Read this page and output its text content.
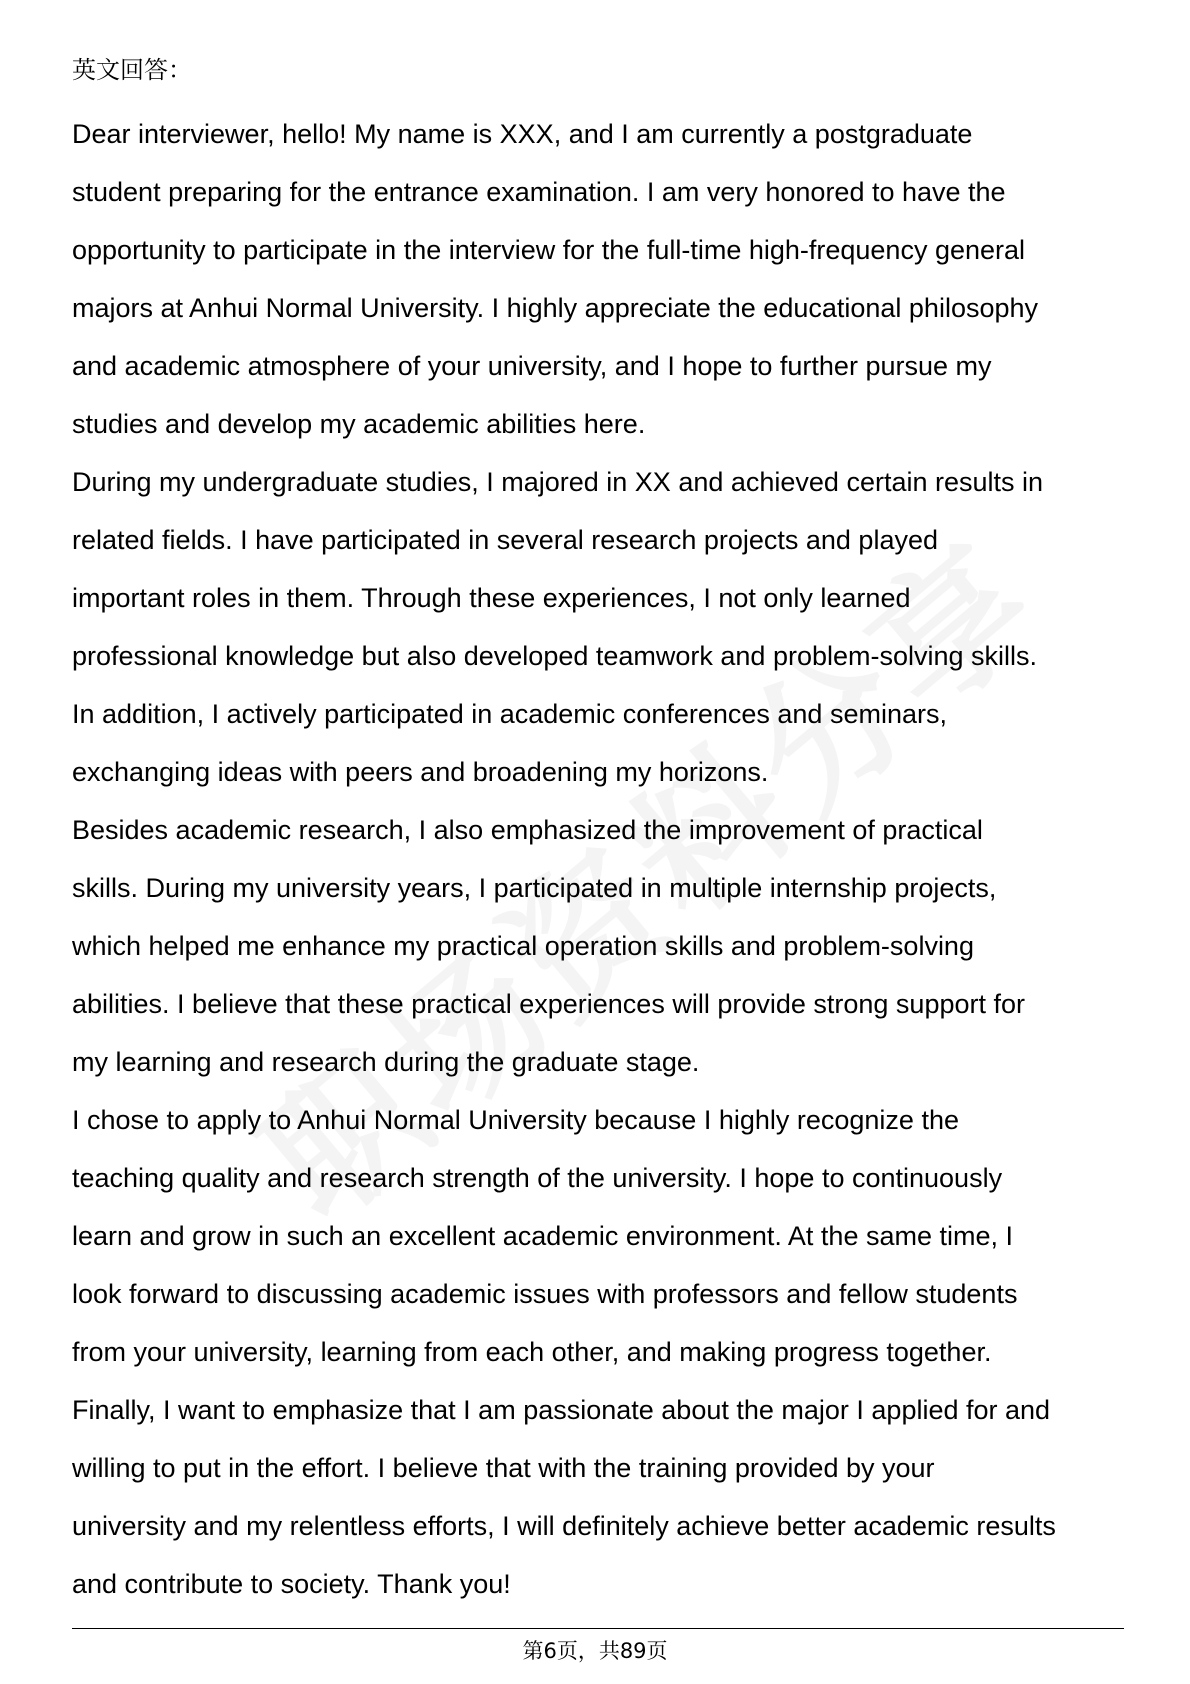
英文回答：

Dear interviewer, hello! My name is XXX, and I am currently a postgraduate
student preparing for the entrance examination. I am very honored to have the
opportunity to participate in the interview for the full-time high-frequency general
majors at Anhui Normal University. I highly appreciate the educational philosophy
and academic atmosphere of your university, and I hope to further pursue my
studies and develop my academic abilities here.

During my undergraduate studies, I majored in XX and achieved certain results in
related fields. I have participated in several research projects and played
important roles in them. Through these experiences, I not only learned
professional knowledge but also developed teamwork and problem-solving skills.
In addition, I actively participated in academic conferences and seminars,
exchanging ideas with peers and broadening my horizons.

Besides academic research, I also emphasized the improvement of practical
skills. During my university years, I participated in multiple internship projects,
which helped me enhance my practical operation skills and problem-solving
abilities. I believe that these practical experiences will provide strong support for
my learning and research during the graduate stage.

I chose to apply to Anhui Normal University because I highly recognize the
teaching quality and research strength of the university. I hope to continuously
learn and grow in such an excellent academic environment. At the same time, I
look forward to discussing academic issues with professors and fellow students
from your university, learning from each other, and making progress together.

Finally, I want to emphasize that I am passionate about the major I applied for and
willing to put in the effort. I believe that with the training provided by your
university and my relentless efforts, I will definitely achieve better academic results
and contribute to society. Thank you!

第6页，共89页
